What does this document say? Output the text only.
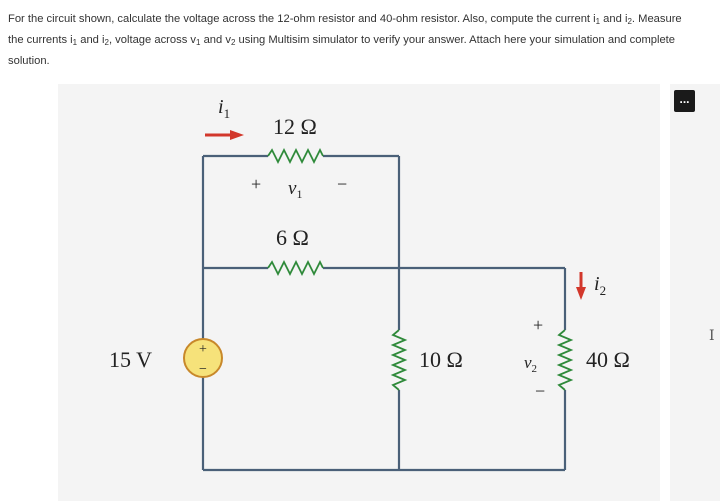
For the circuit shown, calculate the voltage across the 12-ohm resistor and 40-ohm resistor. Also, compute the current $i_1$ and $i_2$. Measure
the currents $i_1$ and $i_2$, voltage across $v_1$ and $v_2$ using Multisim simulator to verify your answer. Attach here your simulation and complete
solution.

...
I
+
−
$i_1$
$i_2$
12 Ω
6 Ω
10 Ω	40 Ω
15 V
+ $v_1$ −
+
$v_2$
−
